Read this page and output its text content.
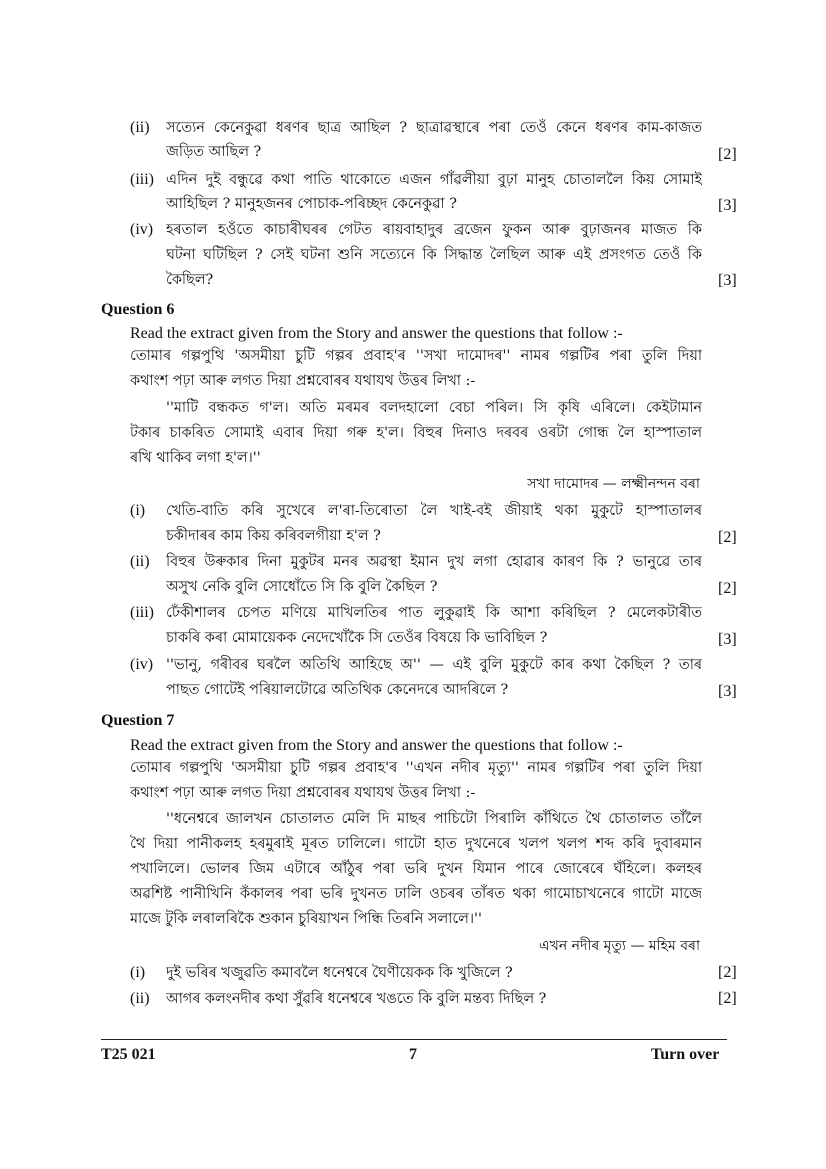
(ii) সত্যেন কেনেকুৱা ধৰণৰ ছাত্ৰ আছিল ? ছাত্ৰাৱস্থাৰে পৰা তেওঁ কেনে ধৰণৰ কাম-কাজত
জড়িত আছিল ?	[2]
(iii) এদিন দুই বন্ধুৱে কথা পাতি থাকোতে এজন গাঁৱলীয়া বুঢ়া মানুহ চোতাললৈ কিয় সোমাই
আহিছিল ? মানুহজনৰ পোচাক-পৰিচ্ছদ কেনেকুৱা ?	[3]
(iv) হৰতাল হওঁতে কাচাৰীঘৰৰ গেটত ৰায়বাহাদুৰ ব্ৰজেন ফুকন আৰু বুঢ়াজনৰ মাজত কি
ঘটনা ঘটিছিল ? সেই ঘটনা শুনি সত্যেনে কি সিদ্ধান্ত লৈছিল আৰু এই প্ৰসংগত তেওঁ কি
কৈছিল?	[3]
Question 6
Read the extract given from the Story and answer the questions that follow :-
তোমাৰ গল্পপুথি 'অসমীয়া চুটি গল্পৰ প্ৰবাহ'ৰ ''সখা দামোদৰ'' নামৰ গল্পটিৰ পৰা তুলি দিয়া
কথাংশ পঢ়া আৰু লগত দিয়া প্ৰশ্নবোৰৰ যথাযথ উত্তৰ লিখা :-
''মাটি বন্ধকত গ'ল। অতি মৰমৰ বলদহালো বেচা পৰিল। সি কৃষি এৰিলে। কেইটামান
টকাৰ চাকৰিত সোমাই এবাৰ দিয়া গৰু হ'ল। বিহুৰ দিনাও দৰবৰ ওৰটা গোন্ধ লৈ হাস্পাতাল
ৰখি থাকিব লগা হ'ল।''
সখা দামোদৰ — লক্ষ্মীনন্দন বৰা
(i) খেতি-বাতি কৰি সুখেৰে ল'ৰা-তিৰোতা লৈ খাই-বই জীয়াই থকা মুকুটে হাস্পাতালৰ
চকীদাৰৰ কাম কিয় কৰিবলগীয়া হ'ল ?	[2]
(ii) বিহুৰ উৰুকাৰ দিনা মুকুটৰ মনৰ অৱস্থা ইমান দুখ লগা হোৱাৰ কাৰণ কি ? ভানুৱে তাৰ
অসুখ নেকি বুলি সোধোঁতে সি কি বুলি কৈছিল ?	[2]
(iii) ঢেঁকীশালৰ চেপত মণিয়ে মাখিলতিৰ পাত লুকুৱাই কি আশা কৰিছিল ? মেলেকটাৰীত
চাকৰি কৰা মোমায়েকক নেদেখোঁকৈ সি তেওঁৰ বিষয়ে কি ভাবিছিল ?	[3]
(iv) ''ভানু, গৰীবৰ ঘৰলৈ অতিথি আহিছে অ'' — এই বুলি মুকুটে কাৰ কথা কৈছিল ? তাৰ
পাছত গোটেই পৰিয়ালটোৱে অতিথিক কেনেদৰে আদৰিলে ?	[3]
Question 7
Read the extract given from the Story and answer the questions that follow :-
তোমাৰ গল্পপুথি 'অসমীয়া চুটি গল্পৰ প্ৰবাহ'ৰ ''এখন নদীৰ মৃত্যু'' নামৰ গল্পটিৰ পৰা তুলি দিয়া
কথাংশ পঢ়া আৰু লগত দিয়া প্ৰশ্নবোৰৰ যথাযথ উত্তৰ লিখা :-
''ধনেশ্বৰে জালখন চোতালত মেলি দি মাছৰ পাচিটো পিৰালি কাঁথিতে থৈ চোতালত তাঁলৈ
থৈ দিয়া পানীকলহ হৰমুৰাই মূৰত ঢালিলে। গাটো হাত দুখনেৰে খলপ খলপ শব্দ কৰি দুবাৰমান
পখালিলে। ভোলৰ জিম এটাৰে আঁঠুৰ পৰা ভৰি দুখন যিমান পাৰে জোৰেৰে ঘঁহিলে। কলহৰ
অৱশিষ্ট পানীখিনি কঁকালৰ পৰা ভৰি দুখনত ঢালি ওচৰৰ তাঁৰত থকা গামোচাখনেৰে গাটো মাজে
মাজে টুকি লৰালৰিকৈ শুকান চুৰিয়াখন পিন্ধি তিৰনি সলালে।''
এখন নদীৰ মৃত্যু — মহিম বৰা
(i) দুই ভৰিৰ খজুৱতি কমাবলৈ ধনেশ্বৰে ঘৈণীয়েকক কি খুজিলে ?	[2]
(ii) আগৰ কলংনদীৰ কথা সুঁৱৰি ধনেশ্বৰে খঙতে কি বুলি মন্তব্য দিছিল ?	[2]
T25 021	7	Turn over
